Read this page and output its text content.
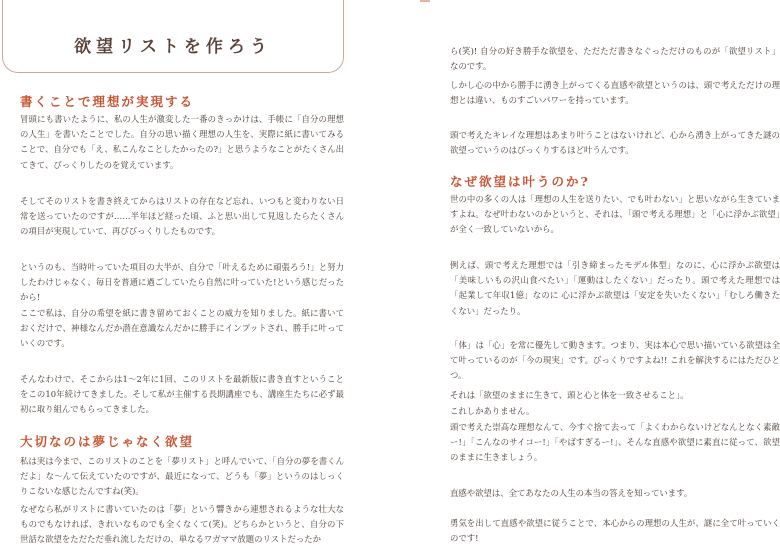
欲望リストを作ろう
書くことで理想が実現する

冒頭にも書いたように、私の人生が激変した一番のきっかけは、手帳に「自分の理想の人生」を書いたことでした。自分の思い描く理想の人生を、実際に紙に書いてみることで、自分でも「え、私こんなことしたかったの?」と思うようなことがたくさん出てきて、びっくりしたのを覚えています。

そしてそのリストを書き終えてからはリストの存在など忘れ、いつもと変わりない日常を送っていたのですが……半年ほど経った頃、ふと思い出して見返したらたくさんの項目が実現していて、再びびっくりしたものです。

というのも、当時叶っていた項目の大半が、自分で「叶えるために頑張ろう!」と努力したわけじゃなく、毎日を普通に過ごしていたら自然に叶っていた!という感じだったから!

ここで私は、自分の希望を紙に書き留めておくことの威力を知りました。紙に書いておくだけで、神様なんだか潜在意識なんだかに勝手にインプットされ、勝手に叶っていくのです。

そんなわけで、そこからは1〜2年に1回、このリストを最新版に書き直すということをこの10年続けてきました。そして私が主催する長期講座でも、講座生たちに必ず最初に取り組んでもらってきました。

大切なのは夢じゃなく欲望

私は実は今まで、このリストのことを「夢リスト」と呼んでいて、「自分の夢を書くんだよ」な〜んて伝えていたのですが、最近になって、どうも「夢」というのはしっくりこないな感じたんですね(笑)。

なぜなら私がリストに書いていたのは「夢」という響きから連想されるような壮大なものでもなければ、きれいなものでも全くなくて(笑)。どちらかというと、自分の下世話な欲望をただただ垂れ流しただけの、単なるワガママ放題のリストだったか

ら(笑)! 自分の好き勝手な欲望を、ただただ書きなぐっただけのものが「欲望リスト」なのです。

しかし心の中から勝手に湧き上がってくる直感や欲望というのは、頭で考えただけの理想とは違い、ものすごいパワーを持っています。

頭で考えたキレイな理想はあまり叶うことはないけれど、心から湧き上がってきた謎の欲望っていうのはびっくりするほど叶うんです。

なぜ欲望は叶うのか?

世の中の多くの人は「理想の人生を送りたい、でも叶わない」と思いながら生きていますよね。なぜ叶わないのかというと、それは、「頭で考える理想」と「心に浮かぶ欲望」が全く一致していないから。

例えば、頭で考えた理想では「引き締まったモデル体型」なのに、心に浮かぶ欲望は「美味しいもの沢山食べたい」「運動はしたくない」だったり。頭で考えた理想では「起業して年収1億」なのに 心に浮かぶ欲望は「安定を失いたくない」「むしろ働きたくない」だったり。

「体」は「心」を常に優先して動きます。つまり、実は本心で思い描いている欲望は全て叶っているのが「今の現実」です。びっくりですよね!! これを解決するにはただひとつ。

それは「欲望のままに生きて、頭と心と体を一致させること」。

これしかありません。

頭で考えた崇高な理想なんて、今すぐ捨て去って「よくわからないけどなんとなく素敵ー!」「こんなのサイコー!」「やばすぎるー!」、そんな直感や欲望に素直に従って、欲望のままに生きましょう。

直感や欲望は、全てあなたの人生の本当の答えを知っています。

勇気を出して直感や欲望に従うことで、本心からの理想の人生が、謎に全て叶っていくのです!
